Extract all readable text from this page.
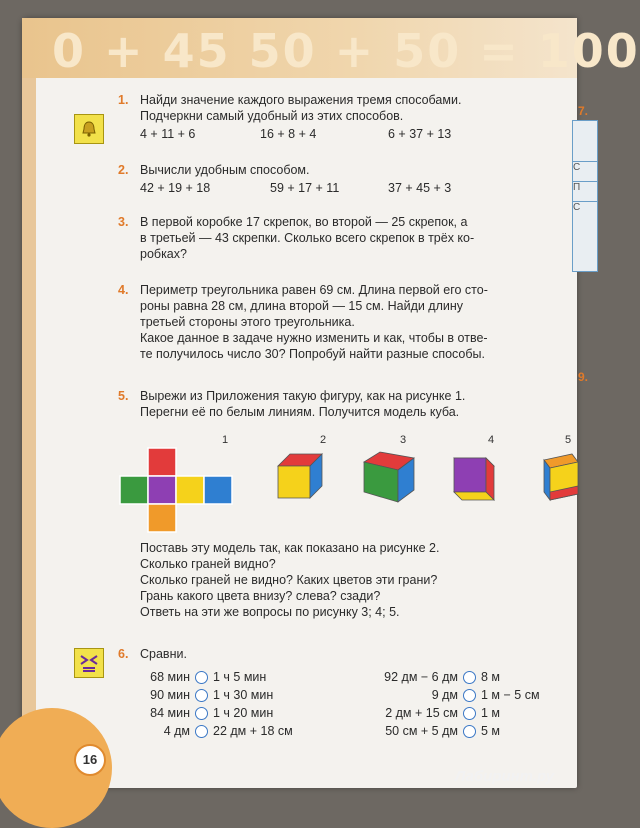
0 + 45 50 + 50 = 100
16
1. Найди значение каждого выражения тремя способами.
Подчеркни самый удобный из этих способов.
4 + 11 + 6	16 + 8 + 4	6 + 37 + 13
2. Вычисли удобным способом.
42 + 19 + 18	59 + 17 + 11	37 + 45 + 3
3. В первой коробке 17 скрепок, во второй — 25 скрепок, а
в третьей — 43 скрепки. Сколько всего скрепок в трёх ко-
робках?
4. Периметр треугольника равен 69 см. Длина первой его сто-
роны равна 28 см, длина второй — 15 см. Найди длину
третьей стороны этого треугольника.
Какое данное в задаче нужно изменить и как, чтобы в отве-
те получилось число 30? Попробуй найти разные способы.
5. Вырежи из Приложения такую фигуру, как на рисунке 1.
Перегни её по белым линиям. Получится модель куба.
1	2	3	4	5
Поставь эту модель так, как показано на рисунке 2.
Сколько граней видно?
Сколько граней не видно? Каких цветов эти грани?
Грань какого цвета внизу? слева? сзади?
Ответь на эти же вопросы по рисунку 3; 4; 5.
6. Сравни.
68 мин 1 ч 5 мин
90 мин 1 ч 30 мин
84 мин 1 ч 20 мин
4 дм 22 дм + 18 см
92 дм − 6 дм 8 м
9 дм 1 м − 5 см
2 дм + 15 см 1 м
50 см + 5 дм 5 м
7.
С
П
С
9.
Лабиринт.ру
